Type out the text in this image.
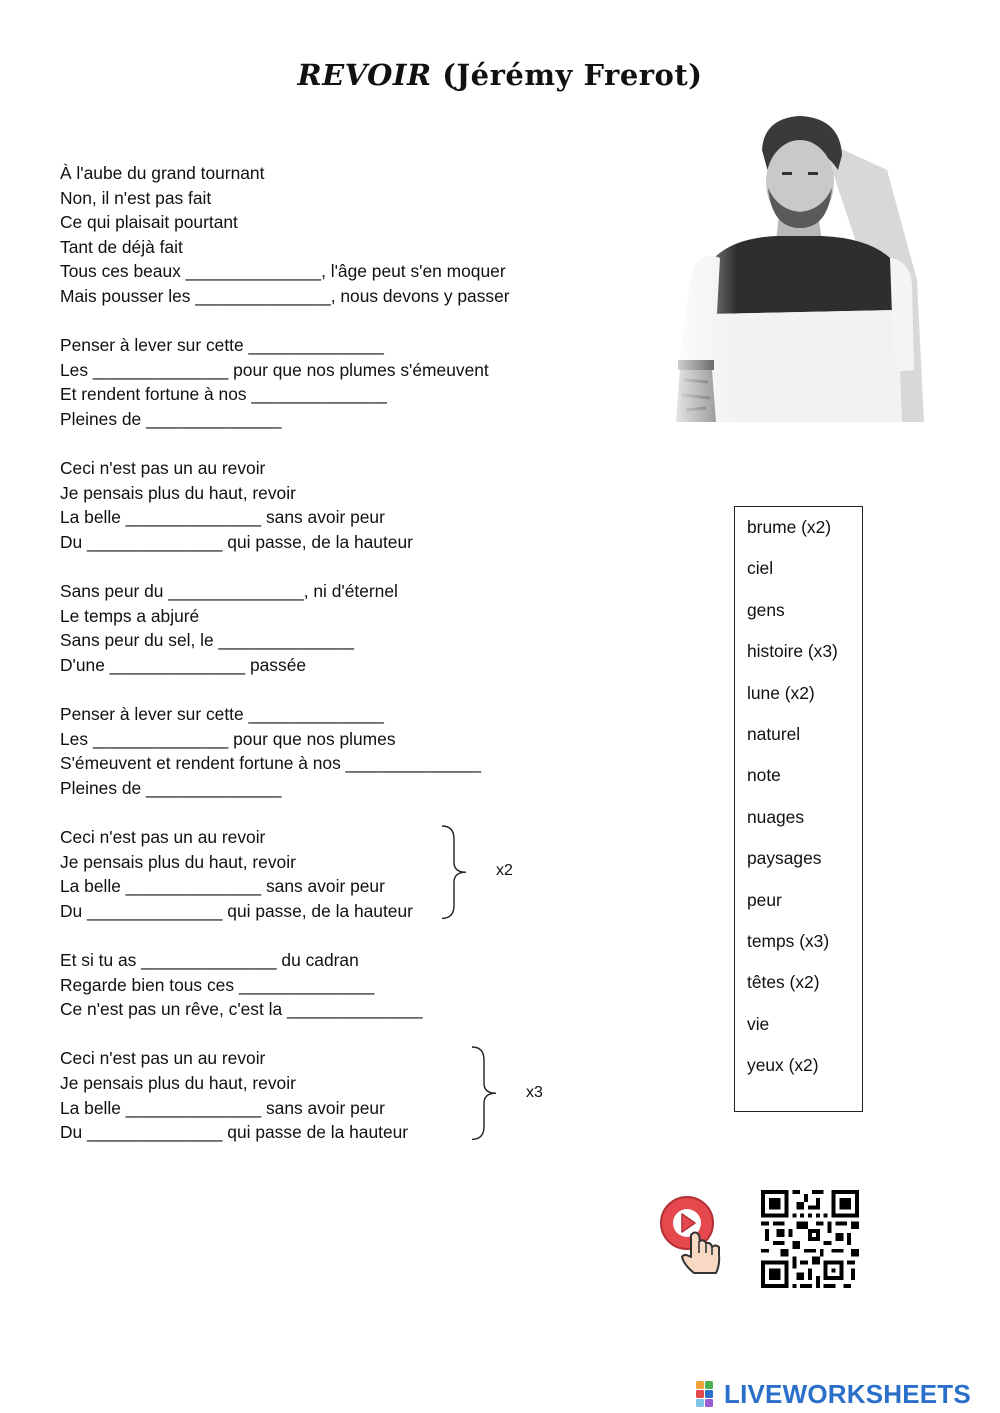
REVOIR (Jérémy Frerot)
À l'aube du grand tournant
Non, il n'est pas fait
Ce qui plaisait pourtant
Tant de déjà fait
Tous ces beaux ______________, l'âge peut s'en moquer
Mais pousser les ______________, nous devons y passer
Penser à lever sur cette ______________
Les ______________ pour que nos plumes s'émeuvent
Et rendent fortune à nos ______________
Pleines de ______________
Ceci n'est pas un au revoir
Je pensais plus du haut, revoir
La belle ______________ sans avoir peur
Du ______________ qui passe, de la hauteur
Sans peur du ______________, ni d'éternel
Le temps a abjuré
Sans peur du sel, le ______________
D'une ______________ passée
Penser à lever sur cette ______________
Les ______________ pour que nos plumes
S'émeuvent et rendent fortune à nos ______________
Pleines de ______________
Ceci n'est pas un au revoir
Je pensais plus du haut, revoir
La belle ______________ sans avoir peur
Du ______________ qui passe, de la hauteur
x2
Et si tu as ______________ du cadran
Regarde bien tous ces ______________
Ce n'est pas un rêve, c'est la ______________
Ceci n'est pas un au revoir
Je pensais plus du haut, revoir
La belle ______________ sans avoir peur
Du ______________ qui passe de la hauteur
x3
brume (x2)
ciel
gens
histoire (x3)
lune (x2)
naturel
note
nuages
paysages
peur
temps (x3)
têtes (x2)
vie
yeux (x2)
LIVEWORKSHEETS
